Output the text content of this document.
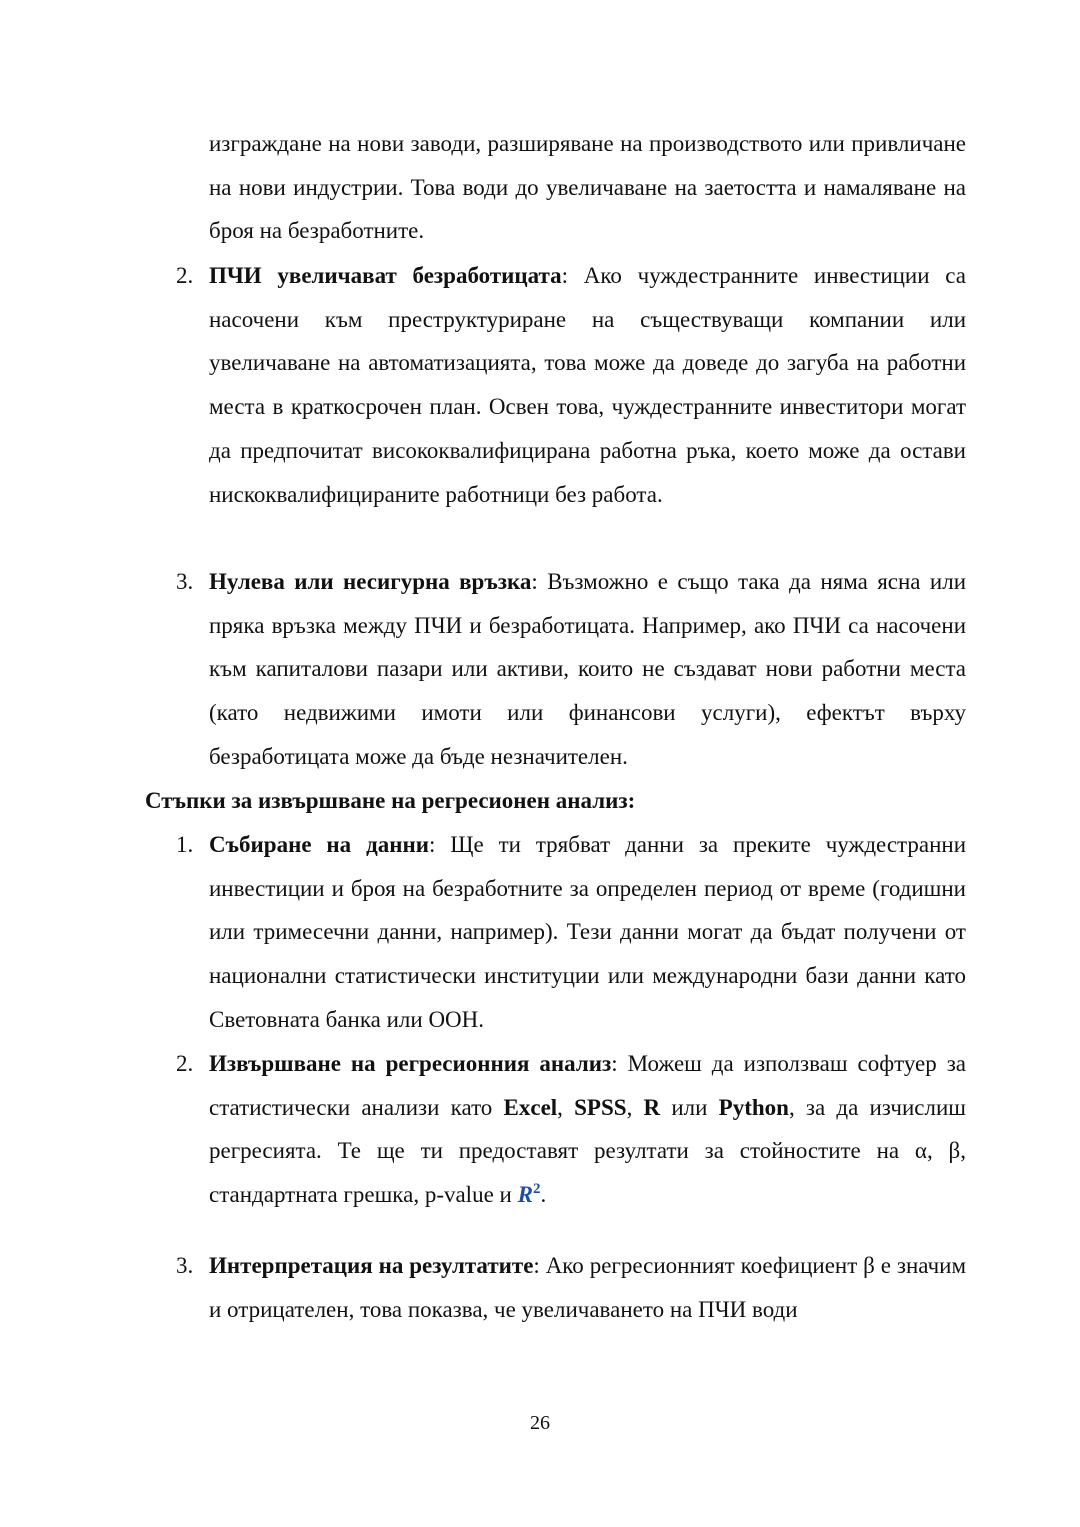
изграждане на нови заводи, разширяване на производството или привличане на нови индустрии. Това води до увеличаване на заетостта и намаляване на броя на безработните.

2. ПЧИ увеличават безработицата: Ако чуждестранните инвестиции са насочени към преструктуриране на съществуващи компании или увеличаване на автоматизацията, това може да доведе до загуба на работни места в краткосрочен план. Освен това, чуждестранните инвеститори могат да предпочитат висококвалифицирана работна ръка, което може да остави нискоквалифицираните работници без работа.

3. Нулева или несигурна връзка: Възможно е също така да няма ясна или пряка връзка между ПЧИ и безработицата. Например, ако ПЧИ са насочени към капиталови пазари или активи, които не създават нови работни места (като недвижими имоти или финансови услуги), ефектът върху безработицата може да бъде незначителен.

Стъпки за извършване на регресионен анализ:
1. Събиране на данни: Ще ти трябват данни за преките чуждестранни инвестиции и броя на безработните за определен период от време (годишни или тримесечни данни, например). Тези данни могат да бъдат получени от национални статистически институции или международни бази данни като Световната банка или ООН.

2. Извършване на регресионния анализ: Можеш да използваш софтуер за статистически анализи като Excel, SPSS, R или Python, за да изчислиш регресията. Те ще ти предоставят резултати за стойностите на α, β, стандартната грешка, p-value и $R^2$.

3. Интерпретация на резултатите: Ако регресионният коефициент β е значим и отрицателен, това показва, че увеличаването на ПЧИ води

26
